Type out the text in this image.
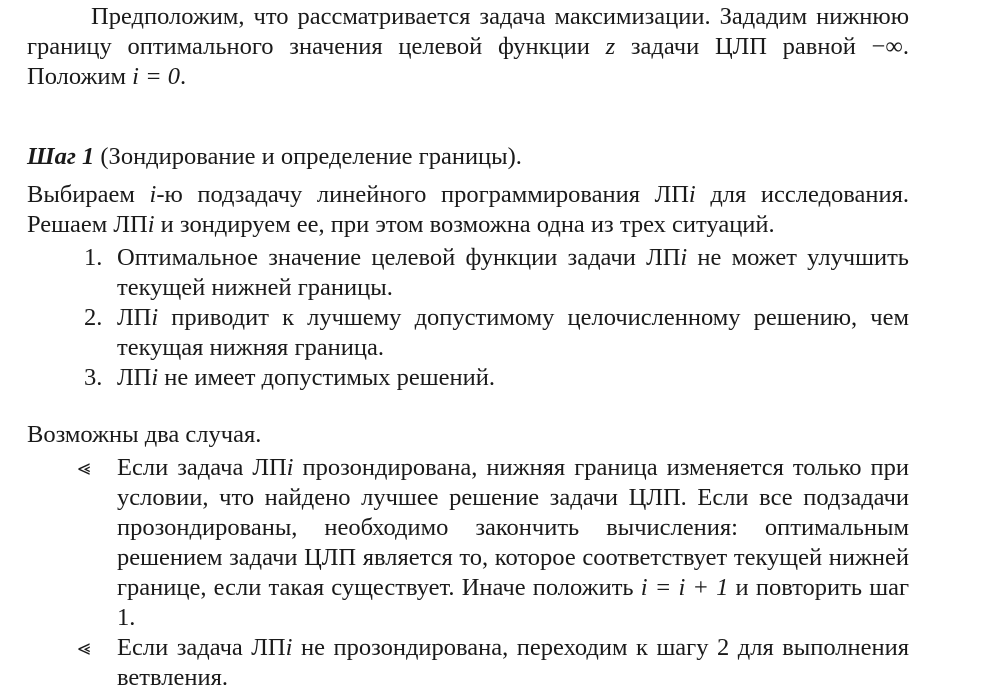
Предположим, что рассматривается задача максимизации. Зададим нижнюю границу оптимального значения целевой функции z задачи ЦЛП равной −∞. Положим i = 0.

Шаг 1 (Зондирование и определение границы).

Выбираем i-ю подзадачу линейного программирования ЛПi для исследования. Решаем ЛПi и зондируем ее, при этом возможна одна из трех ситуаций.

1. Оптимальное значение целевой функции задачи ЛПi не может улучшить текущей нижней границы.

2. ЛПi приводит к лучшему допустимому целочисленному решению, чем текущая нижняя граница.

3. ЛПi не имеет допустимых решений.

Возможны два случая.

⪡	Если задача ЛПi прозондирована, нижняя граница изменяется только при условии, что найдено лучшее решение задачи ЦЛП. Если все подзадачи прозондированы, необходимо закончить вычисления: оптимальным решением задачи ЦЛП является то, которое соответствует текущей нижней границе, если такая существует. Иначе положить i = i + 1 и повторить шаг 1.

⪡	Если задача ЛПi не прозондирована, переходим к шагу 2 для выполнения ветвления.
